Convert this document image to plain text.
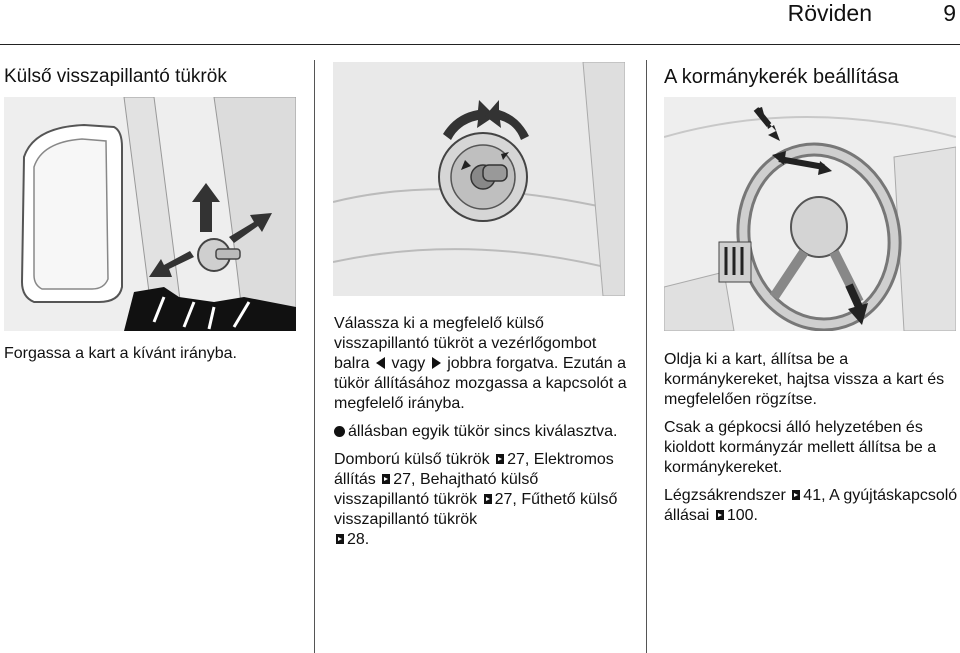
Röviden	9
Külső visszapillantó tükrök
Forgassa a kart a kívánt irányba.

Válassza ki a megfelelő külső visszapillantó tükröt a vezérlőgombot balra vagy jobbra forgatva. Ezután a tükör állításához mozgassa a kapcsolót a megfelelő irányba.

állásban egyik tükör sincs kiválasztva.

Domború külső tükrök 27, Elektromos állítás 27, Behajtható külső visszapillantó tükrök 27, Fűthető külső visszapillantó tükrök
28.

A kormánykerék beállítása

Oldja ki a kart, állítsa be a kormánykereket, hajtsa vissza a kart és megfelelően rögzítse.

Csak a gépkocsi álló helyzetében és kioldott kormányzár mellett állítsa be a kormánykereket.

Légzsákrendszer 41, A gyújtáskapcsoló állásai 100.
